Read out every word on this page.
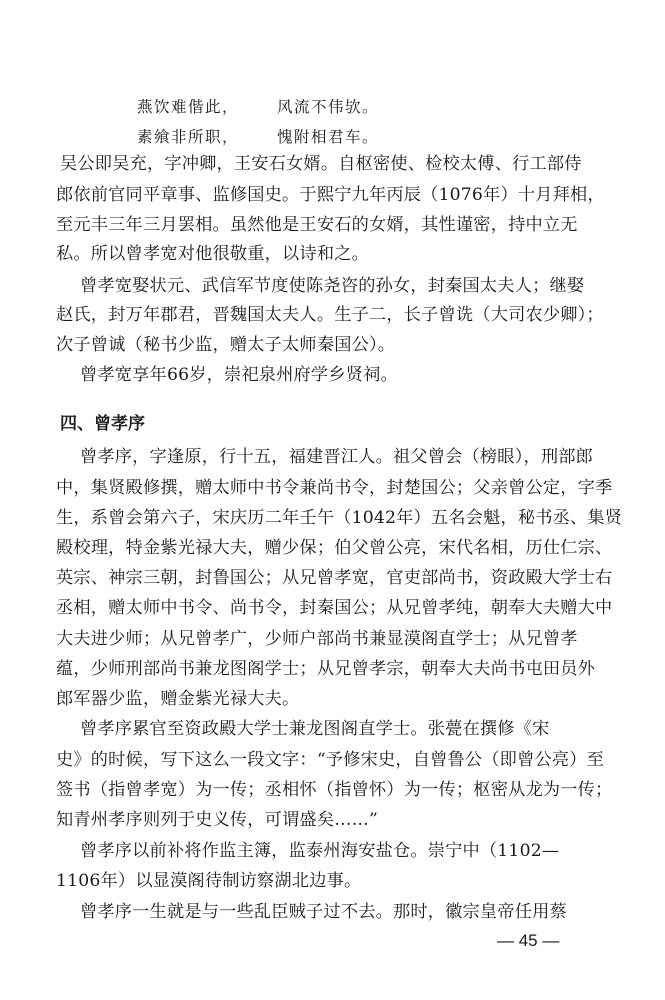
燕饮难偕此， 风流不伟欤。
素飨非所职， 愧附相君车。
吴公即吴充，字冲卿，王安石女婿。自枢密使、检校太傅、行工部侍
郎依前官同平章事、监修国史。于熙宁九年丙辰（1076年）十月拜相，
至元丰三年三月罢相。虽然他是王安石的女婿，其性谨密，持中立无
私。所以曾孝宽对他很敬重，以诗和之。
曾孝宽娶状元、武信军节度使陈尧咨的孙女，封秦国太夫人；继娶
赵氏，封万年郡君，晋魏国太夫人。生子二，长子曾诜（大司农少卿）；
次子曾诚（秘书少监，赠太子太师秦国公）。
曾孝宽享年66岁，崇祀泉州府学乡贤祠。
四、曾孝序
曾孝序，字逢原，行十五，福建晋江人。祖父曾会（榜眼），刑部郎
中，集贤殿修撰，赠太师中书令兼尚书令，封楚国公；父亲曾公定，字季
生，系曾会第六子，宋庆历二年壬午（1042年）五名会魁，秘书丞、集贤
殿校理，特金紫光禄大夫，赠少保；伯父曾公亮，宋代名相，历仕仁宗、
英宗、神宗三朝，封鲁国公；从兄曾孝宽，官吏部尚书，资政殿大学士右
丞相，赠太师中书令、尚书令，封秦国公；从兄曾孝纯，朝奉大夫赠大中
大夫进少师；从兄曾孝广，少师户部尚书兼显漠阁直学士；从兄曾孝
蕴，少师刑部尚书兼龙图阁学士；从兄曾孝宗，朝奉大夫尚书屯田员外
郎军器少监，赠金紫光禄大夫。
曾孝序累官至资政殿大学士兼龙图阁直学士。张甍在撰修《宋
史》的时候，写下这么一段文字：“予修宋史，自曾鲁公（即曾公亮）至
签书（指曾孝宽）为一传；丞相怀（指曾怀）为一传；枢密从龙为一传；
知青州孝序则列于史义传，可谓盛矣……”
曾孝序以前补将作监主簿，监泰州海安盐仓。崇宁中（1102—
1106年）以显漠阁待制访察湖北边事。
曾孝序一生就是与一些乱臣贼子过不去。那时，徽宗皇帝任用蔡
— 45 —
